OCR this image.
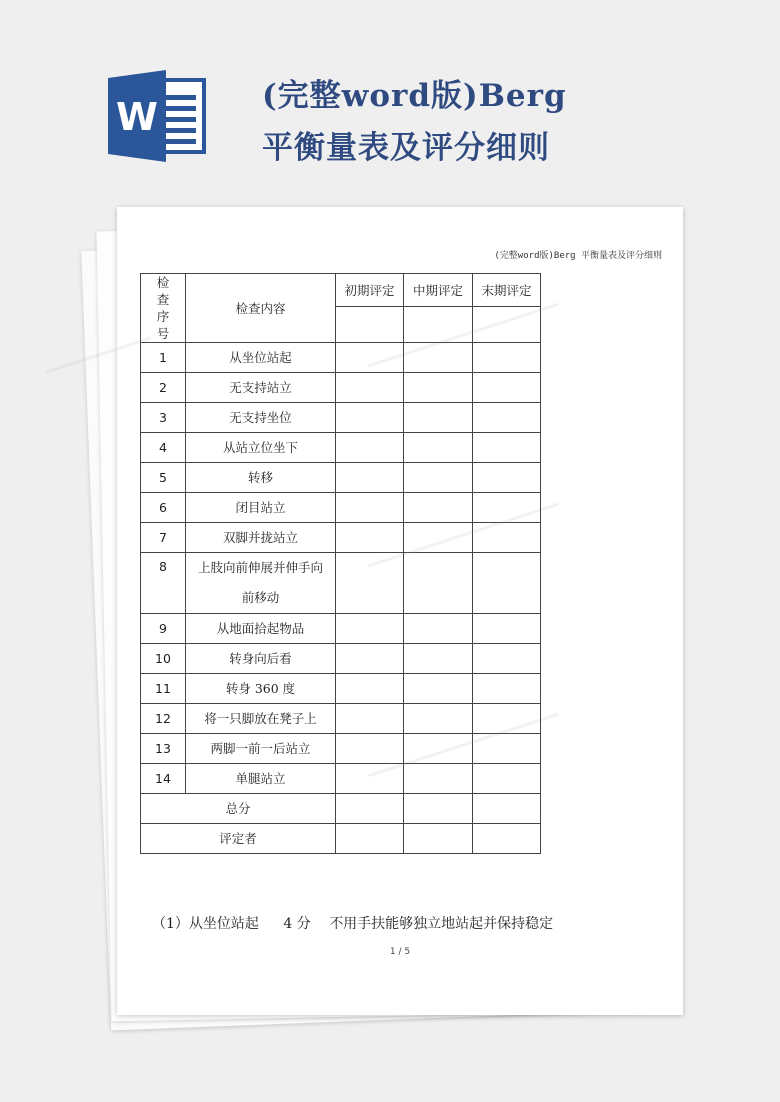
W	(完整word版)Berg
平衡量表及评分细则
(完整word版)Berg 平衡量表及评分细则
检查序号	检查内容	初期评定	中期评定	末期评定

1	从坐位站起			
2	无支持站立			
3	无支持坐位			
4	从站立位坐下			
5	转移			
6	闭目站立			
7	双脚并拢站立			
8	上肢向前伸展并伸手向前移动			
9	从地面拾起物品			
10	转身向后看			
11	转身 360 度			
12	将一只脚放在凳子上			
13	两脚一前一后站立			
14	单腿站立			
总分				
评定者				
（1）从坐位站起 4 分 不用手扶能够独立地站起并保持稳定
1 / 5
